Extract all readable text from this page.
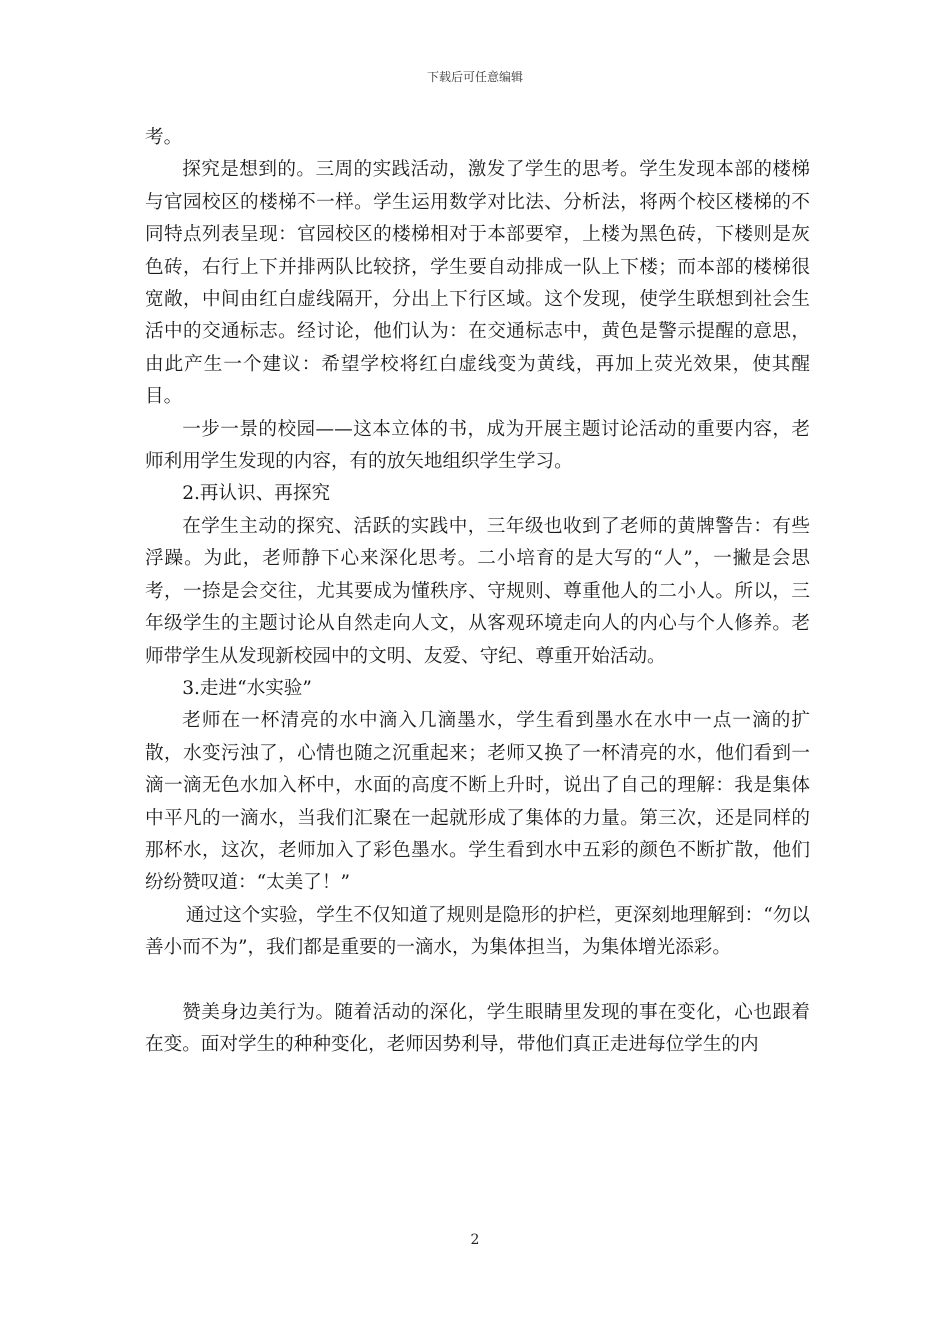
下载后可任意编辑

考。

探究是想到的。三周的实践活动，激发了学生的思考。学生发现本部的楼梯与官园校区的楼梯不一样。学生运用数学对比法、分析法，将两个校区楼梯的不同特点列表呈现：官园校区的楼梯相对于本部要窄，上楼为黑色砖，下楼则是灰色砖，右行上下并排两队比较挤，学生要自动排成一队上下楼；而本部的楼梯很宽敞，中间由红白虚线隔开，分出上下行区域。这个发现，使学生联想到社会生活中的交通标志。经讨论，他们认为：在交通标志中，黄色是警示提醒的意思，由此产生一个建议：希望学校将红白虚线变为黄线，再加上荧光效果，使其醒目。

一步一景的校园——这本立体的书，成为开展主题讨论活动的重要内容，老师利用学生发现的内容，有的放矢地组织学生学习。

2.再认识、再探究

在学生主动的探究、活跃的实践中，三年级也收到了老师的黄牌警告：有些浮躁。为此，老师静下心来深化思考。二小培育的是大写的“人”，一撇是会思考，一捺是会交往，尤其要成为懂秩序、守规则、尊重他人的二小人。所以，三年级学生的主题讨论从自然走向人文，从客观环境走向人的内心与个人修养。老师带学生从发现新校园中的文明、友爱、守纪、尊重开始活动。

3.走进“水实验”

老师在一杯清亮的水中滴入几滴墨水，学生看到墨水在水中一点一滴的扩散，水变污浊了，心情也随之沉重起来；老师又换了一杯清亮的水，他们看到一滴一滴无色水加入杯中，水面的高度不断上升时，说出了自己的理解：我是集体中平凡的一滴水，当我们汇聚在一起就形成了集体的力量。第三次，还是同样的那杯水，这次，老师加入了彩色墨水。学生看到水中五彩的颜色不断扩散，他们纷纷赞叹道：“太美了！”

通过这个实验，学生不仅知道了规则是隐形的护栏，更深刻地理解到：“勿以善小而不为”，我们都是重要的一滴水，为集体担当，为集体增光添彩。

赞美身边美行为。随着活动的深化，学生眼睛里发现的事在变化，心也跟着在变。面对学生的种种变化，老师因势利导，带他们真正走进每位学生的内

2
